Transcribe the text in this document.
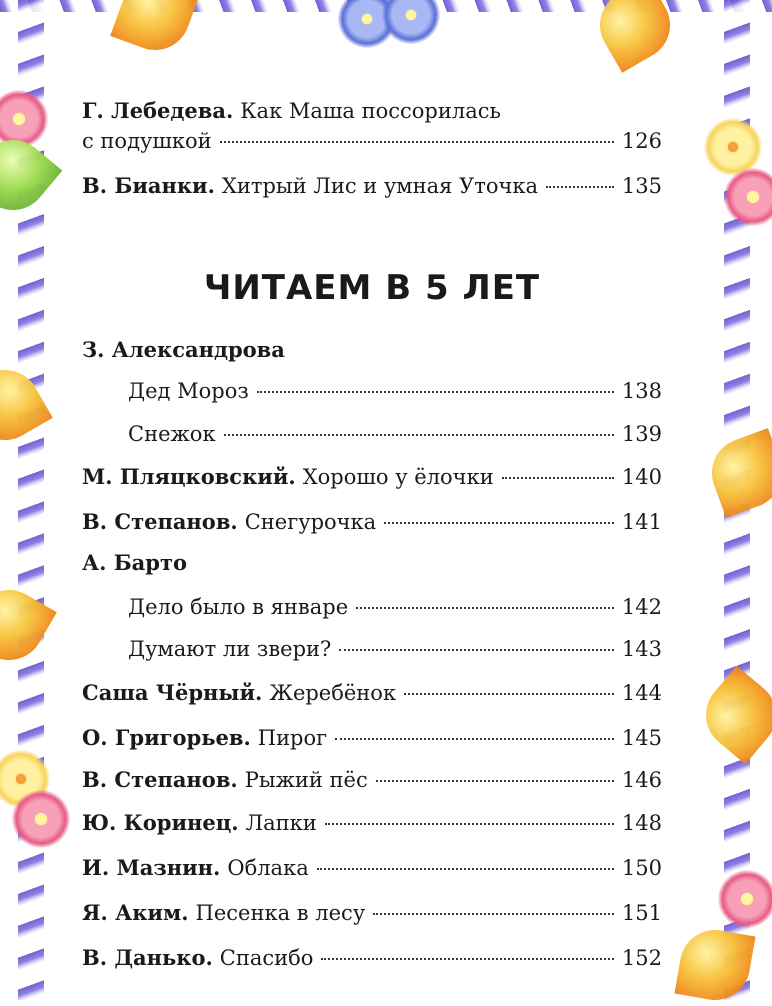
Г. Лебедева. Как Маша поссорилась
с подушкой	126
В. Бианки. Хитрый Лис и умная Уточка	135
ЧИТАЕМ В 5 ЛЕТ
З. Александрова
Дед Мороз	138
Снежок	139
М. Пляцковский. Хорошо у ёлочки	140
В. Степанов. Снегурочка	141
А. Барто
Дело было в январе	142
Думают ли звери?	143
Саша Чёрный. Жеребёнок	144
О. Григорьев. Пирог	145
В. Степанов. Рыжий пёс	146
Ю. Коринец. Лапки	148
И. Мазнин. Облака	150
Я. Аким. Песенка в лесу	151
В. Данько. Спасибо	152
